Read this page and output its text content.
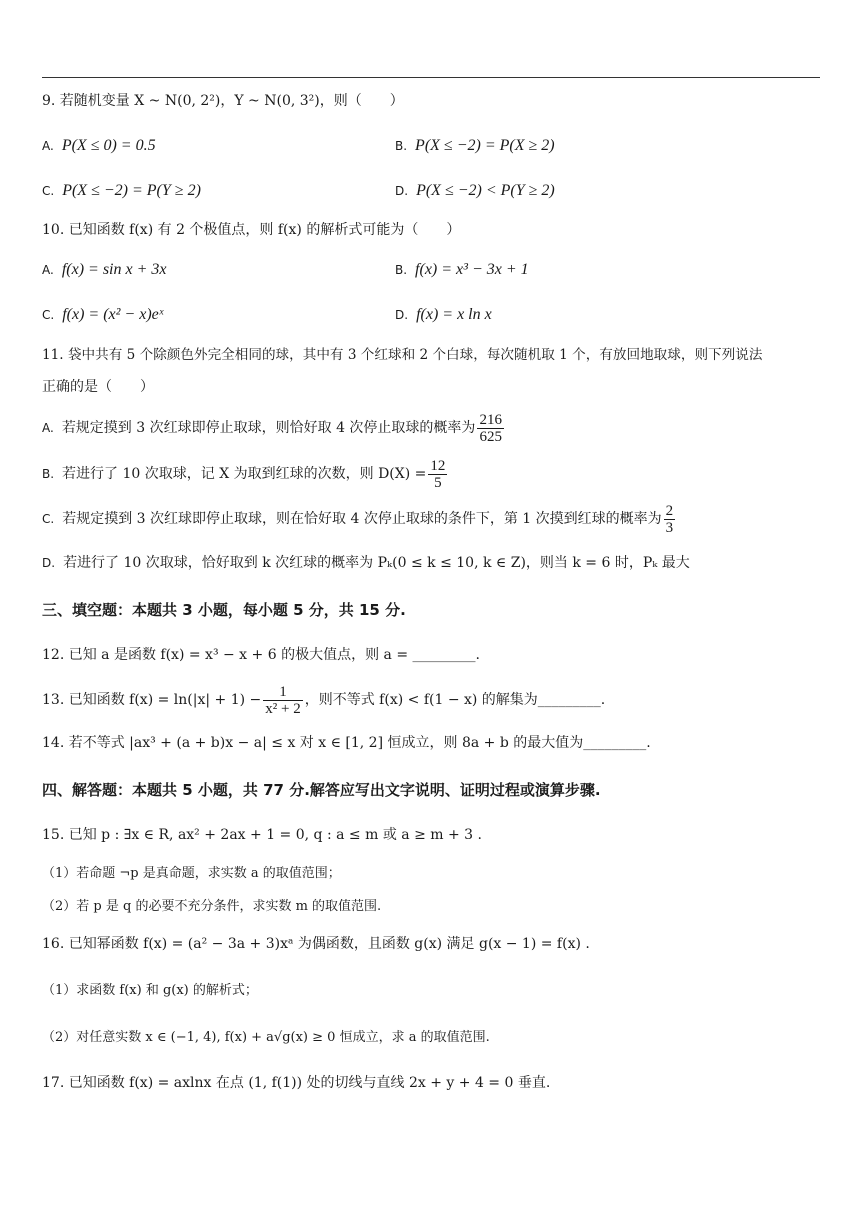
9. 若随机变量 X ~ N(0, 2²)，Y ~ N(0, 3²)，则（　　）
A. P(X ≤ 0) = 0.5	B. P(X ≤ −2) = P(X ≥ 2)
C. P(X ≤ −2) = P(Y ≥ 2)	D. P(X ≤ −2) < P(Y ≥ 2)
10. 已知函数 f(x) 有 2 个极值点，则 f(x) 的解析式可能为（　　）
A. f(x) = sin x + 3x	B. f(x) = x³ − 3x + 1
C. f(x) = (x² − x)eˣ	D. f(x) = x ln x
11. 袋中共有 5 个除颜色外完全相同的球，其中有 3 个红球和 2 个白球，每次随机取 1 个，有放回地取球，则下列说法
正确的是（　　）
A. 若规定摸到 3 次红球即停止取球，则恰好取 4 次停止取球的概率为 $\frac{216}{625}$
B. 若进行了 10 次取球，记 X 为取到红球的次数，则 $D(X) = \frac{12}{5}$
C. 若规定摸到 3 次红球即停止取球，则在恰好取 4 次停止取球的条件下，第 1 次摸到红球的概率为 $\frac{2}{3}$
D. 若进行了 10 次取球，恰好取到 k 次红球的概率为 Pₖ(0 ≤ k ≤ 10, k ∈ Z)，则当 k = 6 时，Pₖ 最大
三、填空题：本题共 3 小题，每小题 5 分，共 15 分.
12. 已知 a 是函数 f(x) = x³ − x + 6 的极大值点，则 a = _________.
13. 已知函数 $f(x) = \ln(|x| + 1) - \frac{1}{\text{x² + 2}}$ ，则不等式 f(x) < f(1 − x) 的解集为_________.
14. 若不等式 |ax³ + (a + b)x − a| ≤ x 对 x ∈ [1, 2] 恒成立，则 8a + b 的最大值为_________.
四、解答题：本题共 5 小题，共 77 分.解答应写出文字说明、证明过程或演算步骤.
15. 已知 p : ∃x ∈ R, ax² + 2ax + 1 = 0, q : a ≤ m 或 a ≥ m + 3 .
（1）若命题 ¬p 是真命题，求实数 a 的取值范围；
（2）若 p 是 q 的必要不充分条件，求实数 m 的取值范围.
16. 已知幂函数 f(x) = (a² − 3a + 3)xᵃ 为偶函数，且函数 g(x) 满足 g(x − 1) = f(x) .
（1）求函数 f(x) 和 g(x) 的解析式；
（2）对任意实数 x ∈ (−1, 4), f(x) + a√g(x) ≥ 0 恒成立，求 a 的取值范围.
17. 已知函数 f(x) = axlnx 在点 (1, f(1)) 处的切线与直线 2x + y + 4 = 0 垂直.
